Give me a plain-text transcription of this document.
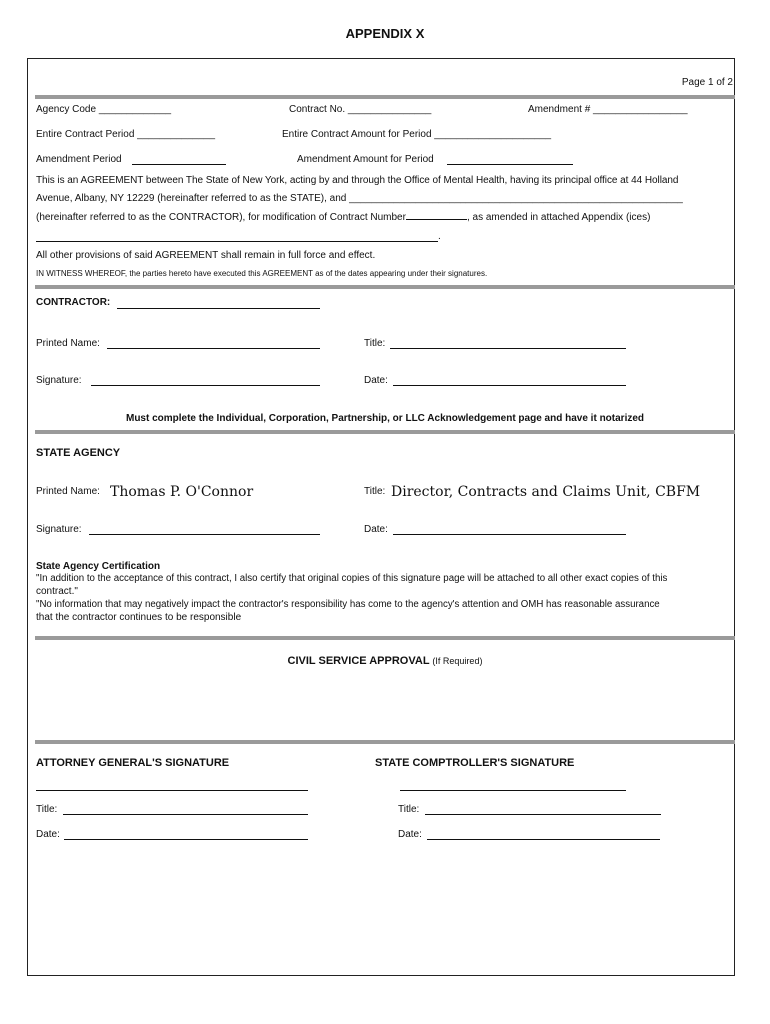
APPENDIX X
Page 1 of 2
Agency Code _____________	Contract No. _______________	Amendment # _________________
Entire Contract Period ______________	Entire Contract Amount for Period _____________________
Amendment Period	Amendment Amount for Period
This is an AGREEMENT between The State of New York, acting by and through the Office of Mental Health, having its principal office at 44 Holland
Avenue, Albany, NY 12229 (hereinafter referred to as the STATE), and ____________________________________________________________
(hereinafter referred to as the CONTRACTOR), for modification of Contract Number	, as amended in attached Appendix (ices)
.
All other provisions of said AGREEMENT shall remain in full force and effect.
IN WITNESS WHEREOF, the parties hereto have executed this AGREEMENT as of the dates appearing under their signatures.
CONTRACTOR:
Printed Name:	Title:
Signature:	Date:
Must complete the Individual, Corporation, Partnership, or LLC Acknowledgement page and have it notarized
STATE AGENCY
Printed Name: Thomas P. O'Connor	Title: Director, Contracts and Claims Unit, CBFM
Signature:	Date:
State Agency Certification
"In addition to the acceptance of this contract, I also certify that original copies of this signature page will be attached to all other exact copies of this
contract."
"No information that may negatively impact the contractor's responsibility has come to the agency's attention and OMH has reasonable assurance
that the contractor continues to be responsible
CIVIL SERVICE APPROVAL (If Required)
ATTORNEY GENERAL'S SIGNATURE
Title:
Date:
STATE COMPTROLLER'S SIGNATURE
Title:
Date:
